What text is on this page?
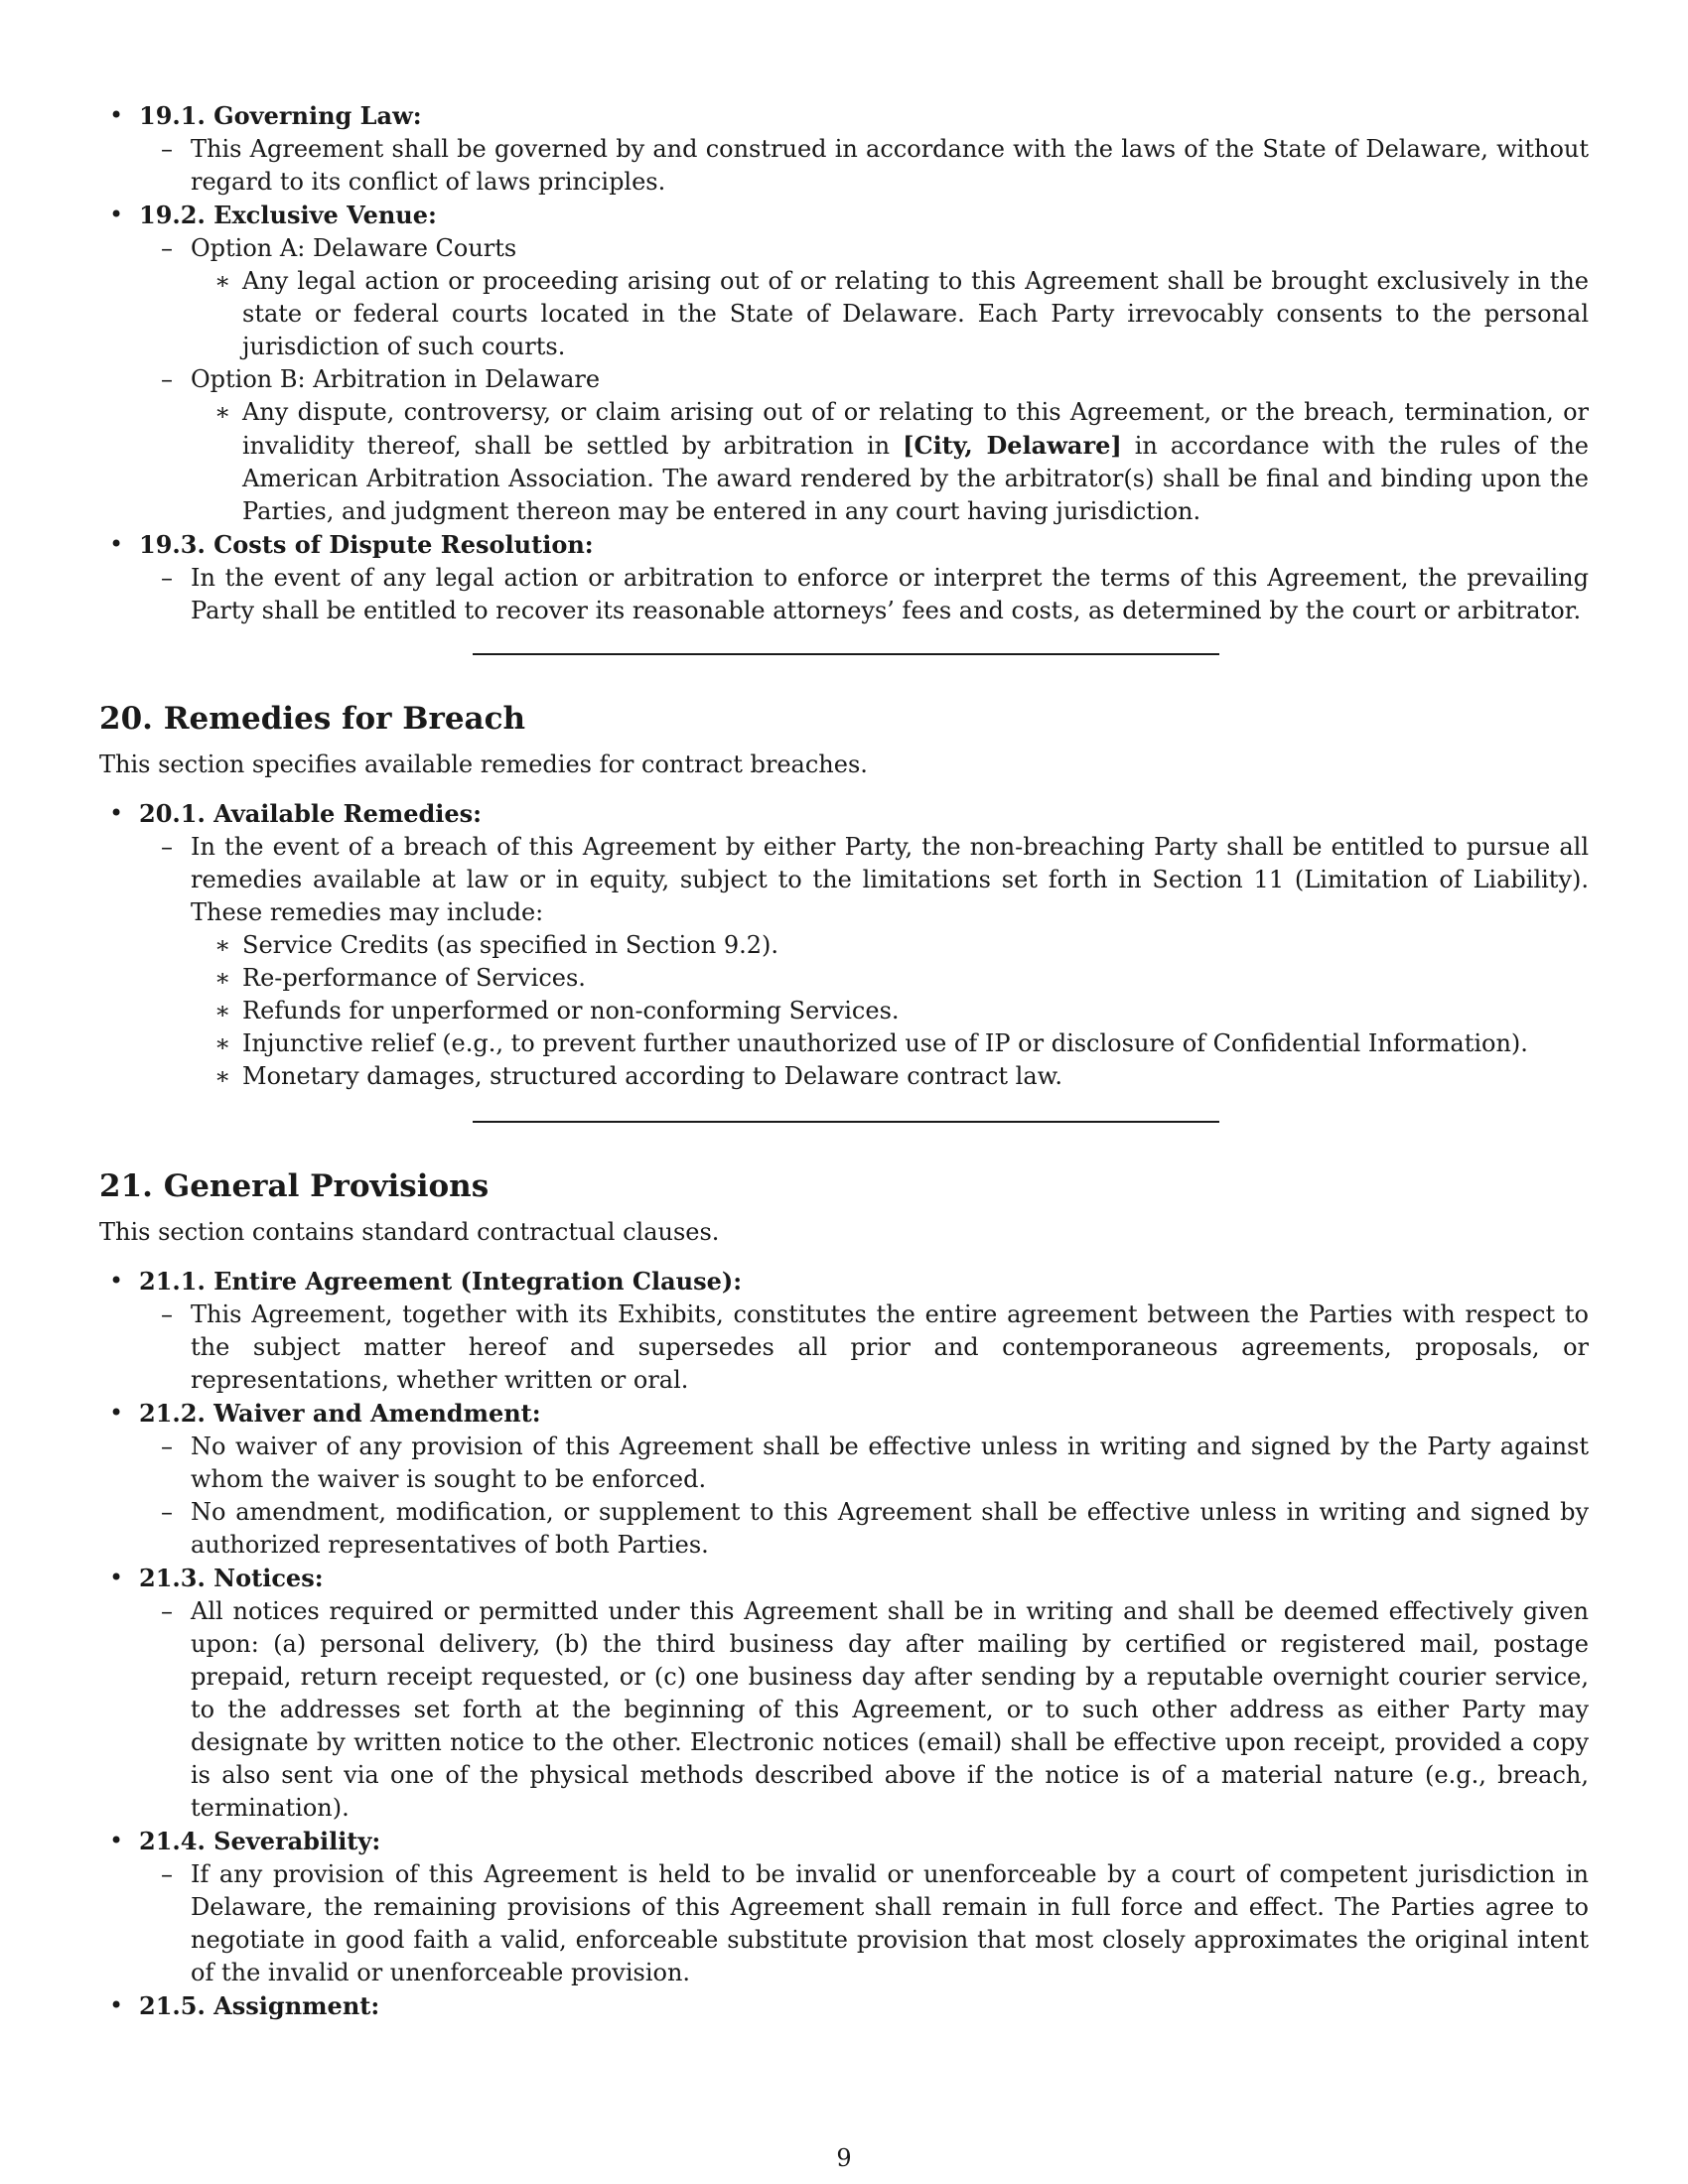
• 19.1. Governing Law:
– This Agreement shall be governed by and construed in accordance with the laws of the State of Delaware, without regard to its conflict of laws principles.
• 19.2. Exclusive Venue:
– Option A: Delaware Courts
∗ Any legal action or proceeding arising out of or relating to this Agreement shall be brought exclusively in the state or federal courts located in the State of Delaware. Each Party irrevocably consents to the personal jurisdiction of such courts.
– Option B: Arbitration in Delaware
∗ Any dispute, controversy, or claim arising out of or relating to this Agreement, or the breach, termination, or invalidity thereof, shall be settled by arbitration in [City, Delaware] in accordance with the rules of the American Arbitration Association. The award rendered by the arbitrator(s) shall be final and binding upon the Parties, and judgment thereon may be entered in any court having jurisdiction.
• 19.3. Costs of Dispute Resolution:
– In the event of any legal action or arbitration to enforce or interpret the terms of this Agreement, the prevailing Party shall be entitled to recover its reasonable attorneys’ fees and costs, as determined by the court or arbitrator.
20. Remedies for Breach

This section specifies available remedies for contract breaches.

• 20.1. Available Remedies:
– In the event of a breach of this Agreement by either Party, the non-breaching Party shall be entitled to pursue all remedies available at law or in equity, subject to the limitations set forth in Section 11 (Limitation of Liability). These remedies may include:
∗ Service Credits (as specified in Section 9.2).
∗ Re-performance of Services.
∗ Refunds for unperformed or non-conforming Services.
∗ Injunctive relief (e.g., to prevent further unauthorized use of IP or disclosure of Confidential Information).
∗ Monetary damages, structured according to Delaware contract law.
21. General Provisions

This section contains standard contractual clauses.

• 21.1. Entire Agreement (Integration Clause):
– This Agreement, together with its Exhibits, constitutes the entire agreement between the Parties with respect to the subject matter hereof and supersedes all prior and contemporaneous agreements, proposals, or representations, whether written or oral.
• 21.2. Waiver and Amendment:
– No waiver of any provision of this Agreement shall be effective unless in writing and signed by the Party against whom the waiver is sought to be enforced.
– No amendment, modification, or supplement to this Agreement shall be effective unless in writing and signed by authorized representatives of both Parties.
• 21.3. Notices:
– All notices required or permitted under this Agreement shall be in writing and shall be deemed effectively given upon: (a) personal delivery, (b) the third business day after mailing by certified or registered mail, postage prepaid, return receipt requested, or (c) one business day after sending by a reputable overnight courier service, to the addresses set forth at the beginning of this Agreement, or to such other address as either Party may designate by written notice to the other. Electronic notices (email) shall be effective upon receipt, provided a copy is also sent via one of the physical methods described above if the notice is of a material nature (e.g., breach, termination).
• 21.4. Severability:
– If any provision of this Agreement is held to be invalid or unenforceable by a court of competent jurisdiction in Delaware, the remaining provisions of this Agreement shall remain in full force and effect. The Parties agree to negotiate in good faith a valid, enforceable substitute provision that most closely approximates the original intent of the invalid or unenforceable provision.
• 21.5. Assignment:
9
